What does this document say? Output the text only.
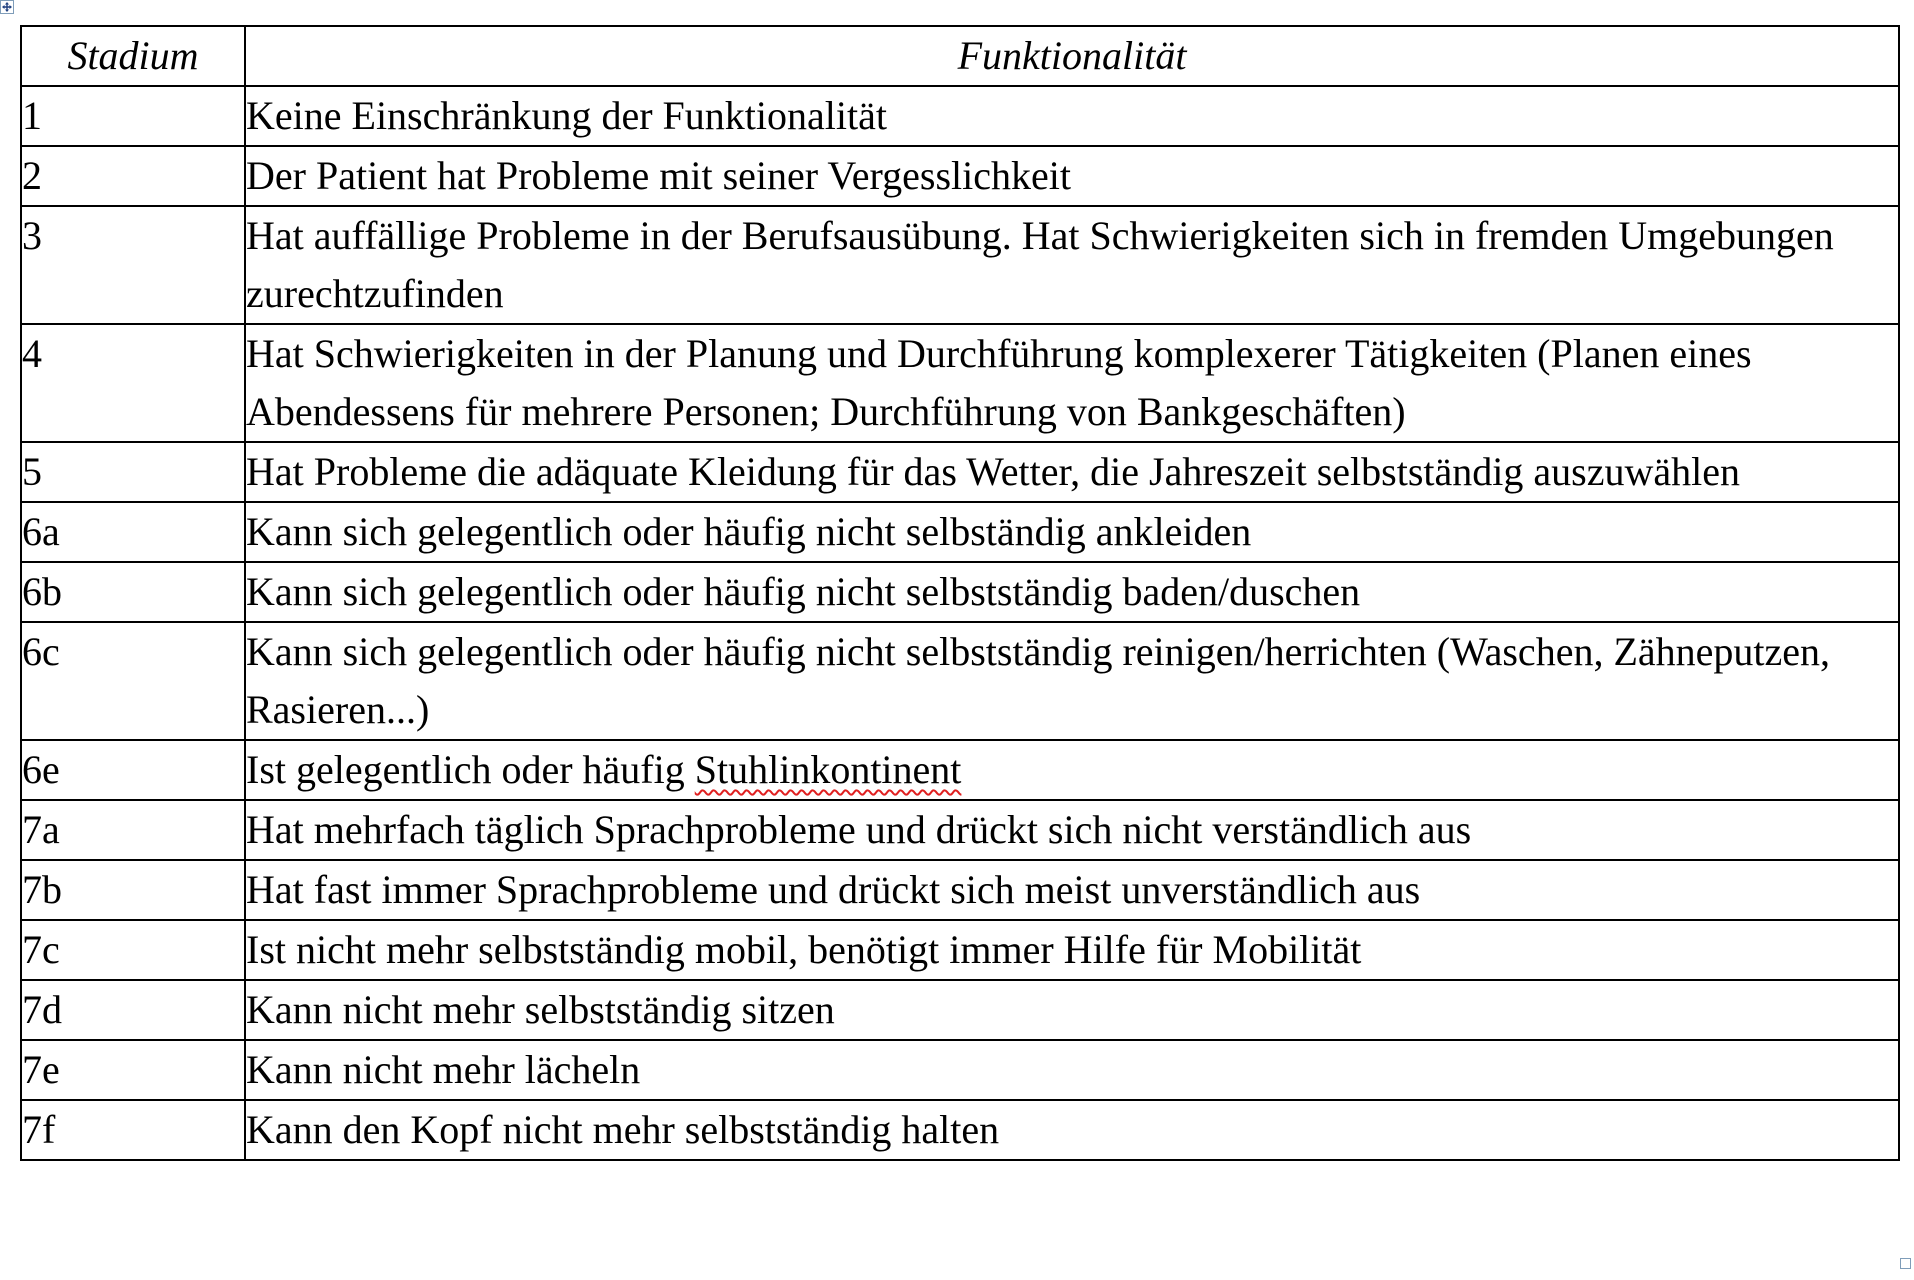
Stadium	Funktionalität
1	Keine Einschränkung der Funktionalität
2	Der Patient hat Probleme mit seiner Vergesslichkeit
3	Hat auffällige Probleme in der Berufsausübung. Hat Schwierigkeiten sich in fremden Umgebungen zurechtzufinden
4	Hat Schwierigkeiten in der Planung und Durchführung komplexerer Tätigkeiten (Planen eines Abendessens für mehrere Personen; Durchführung von Bankgeschäften)
5	Hat Probleme die adäquate Kleidung für das Wetter, die Jahreszeit selbstständig auszuwählen
6a	Kann sich gelegentlich oder häufig nicht selbständig ankleiden
6b	Kann sich gelegentlich oder häufig nicht selbstständig baden/duschen
6c	Kann sich gelegentlich oder häufig nicht selbstständig reinigen/herrichten (Waschen, Zähneputzen, Rasieren...)
6e	Ist gelegentlich oder häufig Stuhlinkontinent
7a	Hat mehrfach täglich Sprachprobleme und drückt sich nicht verständlich aus
7b	Hat fast immer Sprachprobleme und drückt sich meist unverständlich aus
7c	Ist nicht mehr selbstständig mobil, benötigt immer Hilfe für Mobilität
7d	Kann nicht mehr selbstständig sitzen
7e	Kann nicht mehr lächeln
7f	Kann den Kopf nicht mehr selbstständig halten
